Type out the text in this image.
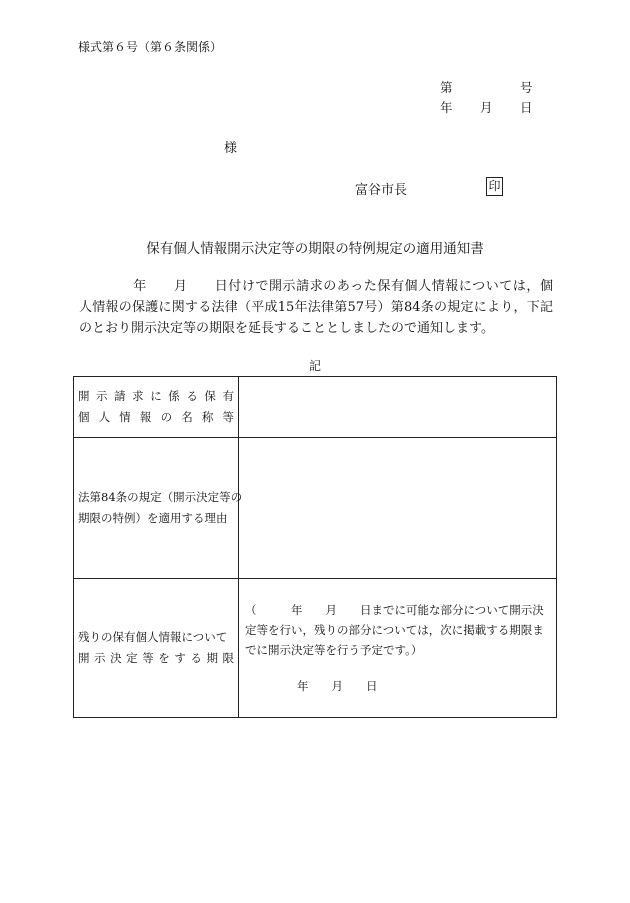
様式第６号（第６条関係）
第	号
年 月 日
様
富谷市長	印
保有個人情報開示決定等の期限の特例規定の適用通知書
　　　　年　　月　　日付けで開示請求のあった保有個人情報については，個
人情報の保護に関する法律（平成15年法律第57号）第84条の規定により，下記
のとおり開示決定等の期限を延長することとしましたので通知します。
記
開示請求に係る保有
個人情報の名称等	

法第84条の規定（開示決定等の
期限の特例）を適用する理由	

残りの保有個人情報について
開示決定等をする期限	（　　　年　　月　　日までに可能な部分について開示決
定等を行い，残りの部分については，次に掲載する期限ま
でに開示決定等を行う予定です。）
年　　月　　日
